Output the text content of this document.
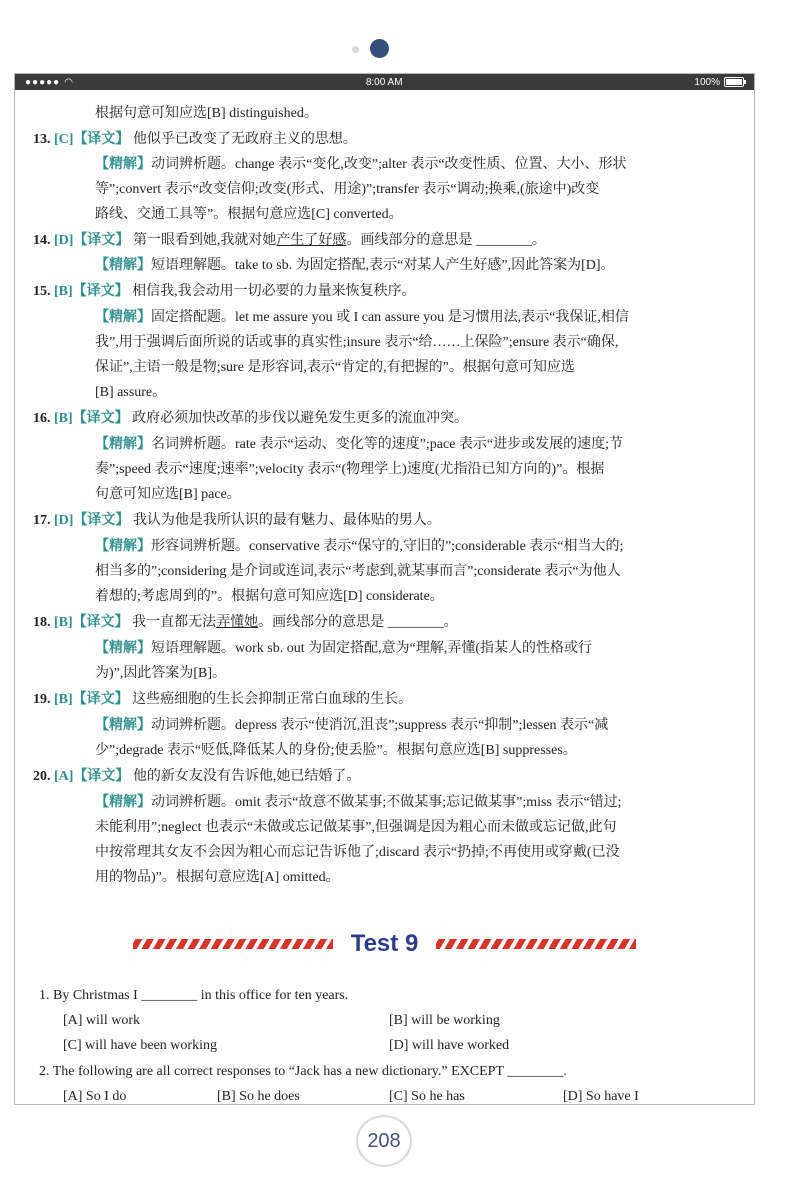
●●●●● ◠	8:00 AM	100%
根据句意可知应选[B] distinguished。
13. [C]【译文】 他似乎已改变了无政府主义的思想。
【精解】动词辨析题。change 表示“变化,改变”;alter 表示“改变性质、位置、大小、形状
等”;convert 表示“改变信仰;改变(形式、用途)”;transfer 表示“调动;换乘,(旅途中)改变
路线、交通工具等”。根据句意应选[C] converted。
14. [D]【译文】 第一眼看到她,我就对她产生了好感。画线部分的意思是 ________。
【精解】短语理解题。take to sb. 为固定搭配,表示“对某人产生好感”,因此答案为[D]。
15. [B]【译文】 相信我,我会动用一切必要的力量来恢复秩序。
【精解】固定搭配题。let me assure you 或 I can assure you 是习惯用法,表示“我保证,相信
我”,用于强调后面所说的话或事的真实性;insure 表示“给……上保险”;ensure 表示“确保,
保证”,主语一般是物;sure 是形容词,表示“肯定的,有把握的”。根据句意可知应选
[B] assure。
16. [B]【译文】 政府必须加快改革的步伐以避免发生更多的流血冲突。
【精解】名词辨析题。rate 表示“运动、变化等的速度”;pace 表示“进步或发展的速度;节
奏”;speed 表示“速度;速率”;velocity 表示“(物理学上)速度(尤指沿已知方向的)”。根据
句意可知应选[B] pace。
17. [D]【译文】 我认为他是我所认识的最有魅力、最体贴的男人。
【精解】形容词辨析题。conservative 表示“保守的,守旧的”;considerable 表示“相当大的;
相当多的”;considering 是介词或连词,表示“考虑到,就某事而言”;considerate 表示“为他人
着想的;考虑周到的”。根据句意可知应选[D] considerate。
18. [B]【译文】 我一直都无法弄懂她。画线部分的意思是 ________。
【精解】短语理解题。work sb. out 为固定搭配,意为“理解,弄懂(指某人的性格或行
为)”,因此答案为[B]。
19. [B]【译文】 这些癌细胞的生长会抑制正常白血球的生长。
【精解】动词辨析题。depress 表示“使消沉,沮丧”;suppress 表示“抑制”;lessen 表示“减
少”;degrade 表示“贬低,降低某人的身份;使丢脸”。根据句意应选[B] suppresses。
20. [A]【译文】 他的新女友没有告诉他,她已结婚了。
【精解】动词辨析题。omit 表示“故意不做某事;不做某事;忘记做某事”;miss 表示“错过;
未能利用”;neglect 也表示“未做或忘记做某事”,但强调是因为粗心而未做或忘记做,此句
中按常理其女友不会因为粗心而忘记告诉他了;discard 表示“扔掉;不再使用或穿戴(已没
用的物品)”。根据句意应选[A] omitted。
Test 9
1. By Christmas I ________ in this office for ten years.
[A] will work	[B] will be working
[C] will have been working	[D] will have worked
2. The following are all correct responses to “Jack has a new dictionary.” EXCEPT ________.
[A] So I do	[B] So he does	[C] So he has	[D] So have I
208
